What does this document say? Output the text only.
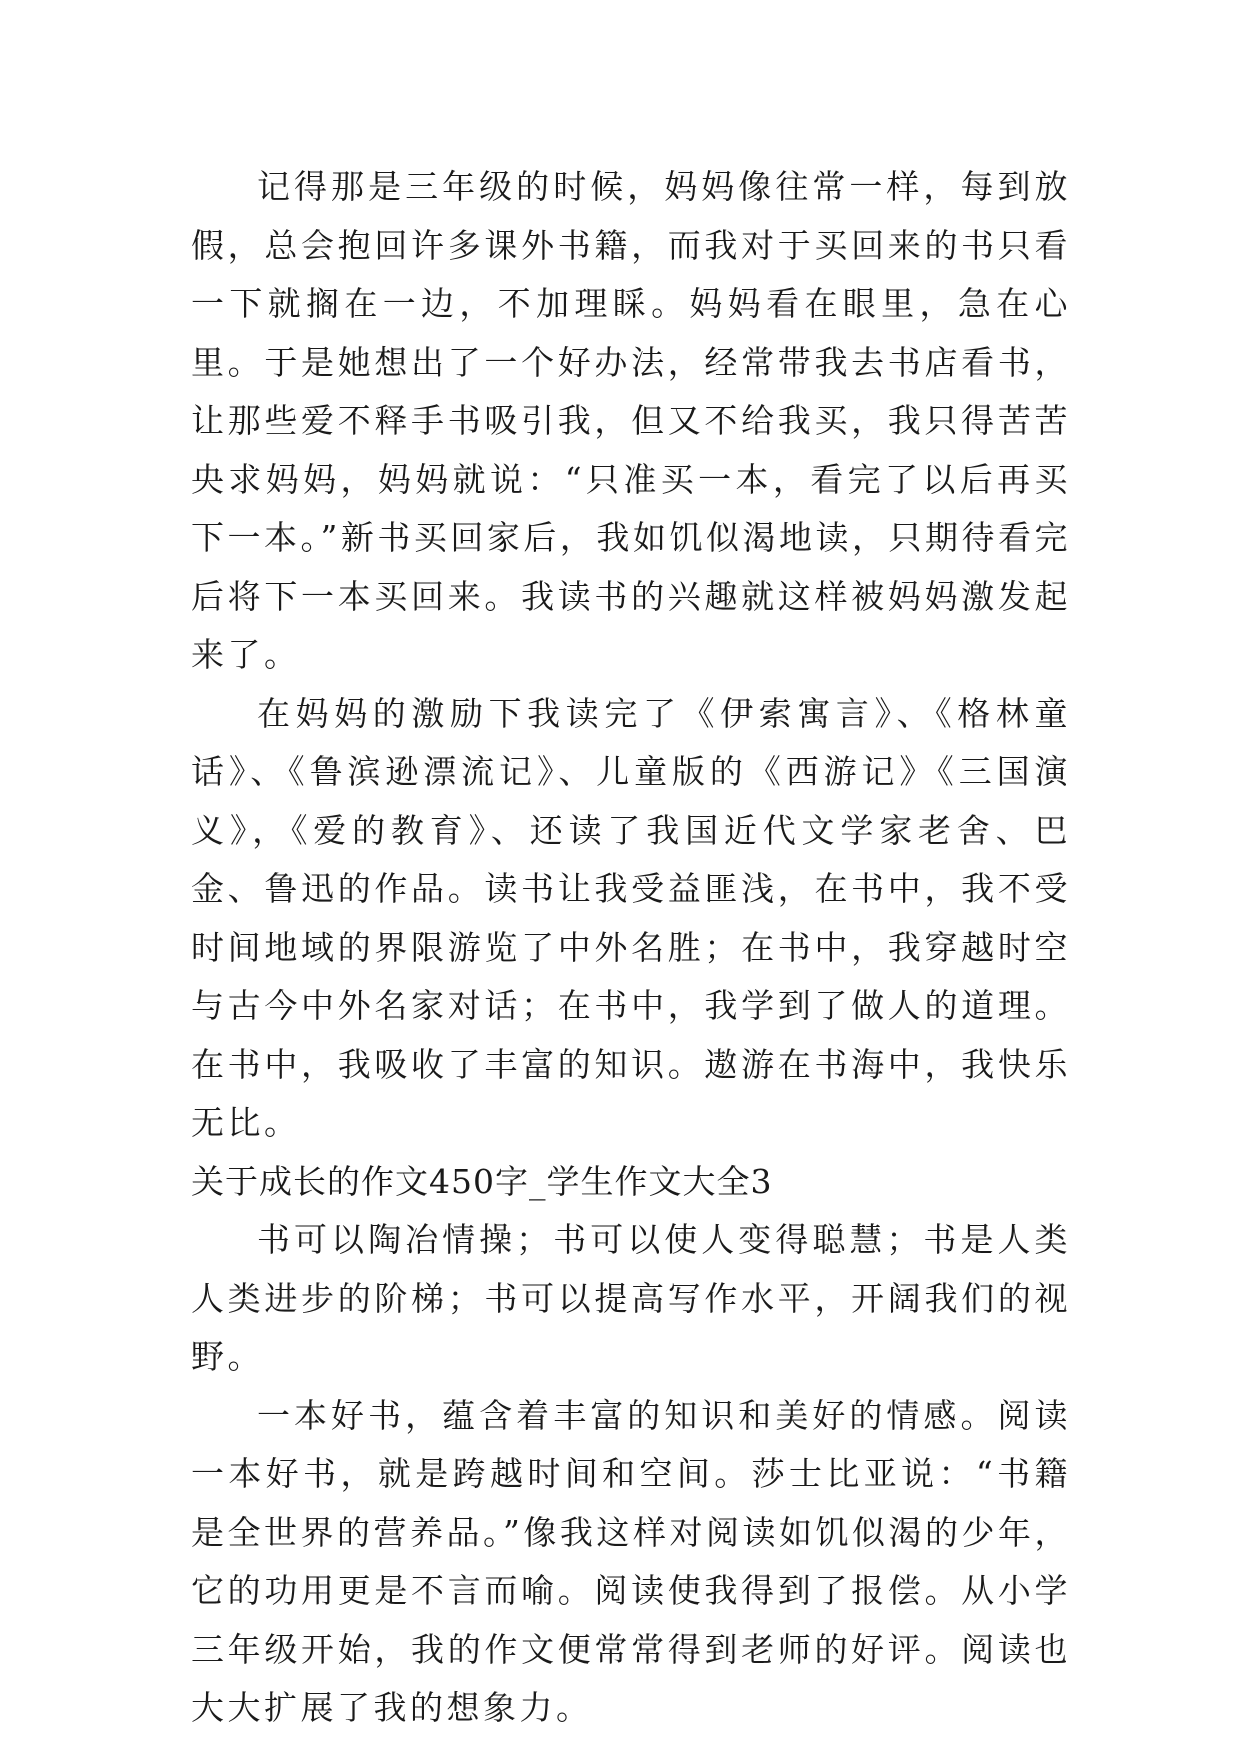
记得那是三年级的时候，妈妈像往常一样，每到放假，总会抱回许多课外书籍，而我对于买回来的书只看一下就搁在一边，不加理睬。妈妈看在眼里，急在心里。于是她想出了一个好办法，经常带我去书店看书，让那些爱不释手书吸引我，但又不给我买，我只得苦苦央求妈妈，妈妈就说：“只准买一本，看完了以后再买下一本。”新书买回家后，我如饥似渴地读，只期待看完后将下一本买回来。我读书的兴趣就这样被妈妈激发起来了。

在妈妈的激励下我读完了《伊索寓言》、《格林童话》、《鲁滨逊漂流记》、儿童版的《西游记》《三国演义》，《爱的教育》、还读了我国近代文学家老舍、巴金、鲁迅的作品。读书让我受益匪浅，在书中，我不受时间地域的界限游览了中外名胜；在书中，我穿越时空与古今中外名家对话；在书中，我学到了做人的道理。在书中，我吸收了丰富的知识。遨游在书海中，我快乐无比。

关于成长的作文450字_学生作文大全3

书可以陶冶情操；书可以使人变得聪慧；书是人类人类进步的阶梯；书可以提高写作水平，开阔我们的视野。

一本好书，蕴含着丰富的知识和美好的情感。阅读一本好书，就是跨越时间和空间。莎士比亚说：“书籍是全世界的营养品。”像我这样对阅读如饥似渴的少年，它的功用更是不言而喻。阅读使我得到了报偿。从小学三年级开始，我的作文便常常得到老师的好评。阅读也大大扩展了我的想象力。
